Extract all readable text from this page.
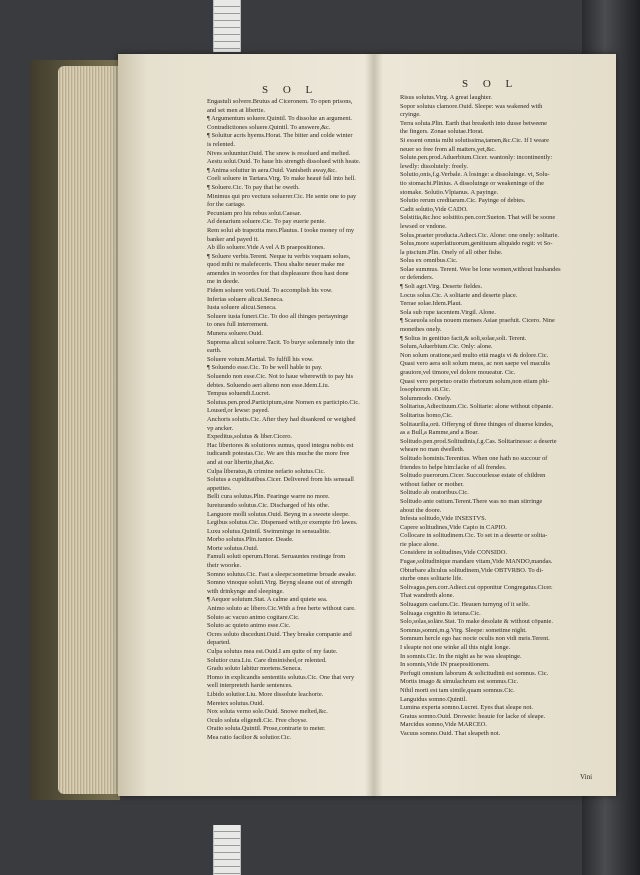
S O L	S O L
Engastuli solvere.Brutus ad Ciceronem. To open prisons,
and set men at libertie.
¶ Argumentum soluere.Quintil. To dissolue an argument.
Contradictiones soluere.Quintil. To answere,&c.
¶ Soluitur acris hyems.Horat. The bitter and colde winter
is relented.
Nives soluuntur.Ouid. The snow is resolued and melted.
Aestu solui.Ouid. To haue his strength dissolued with heate.
¶ Anima soluitur in aera.Ouid. Vanisheth away,&c.
Coeli soluere in Tartara.Virg. To make heauē fall into hell.
¶ Soluere.Cic. To pay that he oweth.
Minimus qui pro vectura soluerer.Cic. He sente one to pay
for the cariage.
Pecuniam pro his rebus solui.Caesar.
Ad denarium soluere.Cic. To pay euerie penie.
Rem solui ab trapezita meo.Plautus. I tooke money of my
banker and payed it.
Ab illo soluere.Vide A vel A B praepositiones.
¶ Soluere verbis.Terent. Neque tu verbis vsquam solues,
quod mihi re malefeceris. Thou shalte neuer make me
amendes in woordes for that displeasure thou hast done
me in deede.
Fidem soluere voti.Ouid. To accomplish his vow.
Inferias soluere alicui.Seneca.
Iusta soluere alicui.Seneca.
Soluere iusta funeri.Cic. To doo all thinges pertayninge
to ones full interrement.
Munera soluere.Ouid.
Suprema alicui soluere.Tacit. To burye solemnely into the
earth.
Soluere votum.Martial. To fulfill his vow.
¶ Soluendo esse.Cic. To be well hable to pay.
Soluendo non esse.Cic. Not to haue wherewith to pay his
debtes. Soluendo aeri alieno non esse.Idem.Liu.
Tempus soluendi.Lucret.
Solutus.pen.prod.Participium,sine Nomen ex participio.Cic.
Loused,or lewse: payed.
Anchoris solutis.Cic. After they had disankred or weighed
vp ancker.
Expeditus,solutus & liber.Cicero.
Hac liberiores & solutiores sumus, quod integra nobis est
iudicandi potestas.Cic. We are this muche the more free
and at our libertie,that,&c.
Culpa liberatus,& crimine nefario solutus.Cic.
Solutus a cupiditatibus.Cicer. Delivered from his sensuall
appetites.
Belli cura solutus.Plin. Fearinge warre no more.
Iureiurando solutus.Cic. Discharged of his othe.
Languore molli solutus.Ouid. Beyng in a sweete sleepe.
Legibus solutus.Cic. Dispensed with,or exempte frō lawes.
Luxu solutus.Quintil. Swimminge in sensualitie.
Morbo solutus.Plin.iunior. Deade.
Morte solutus.Ouid.
Famuli soluti operum.Horat. Seruauntes restinge from
their woorke.
Somno solutus.Cic. Fast a sleepe:sometime broade awake.
Somno vinoque soluti.Virg. Beyng sleane out of strength
with drinkynge and sleepinge.
¶ Aequor solutum.Stat. A calme and quiete sea.
Animo soluto ac libero.Cic.With a free herte without care.
Soluto ac vacuo animo cogitare.Cic.
Soluto ac quieto animo esse.Cic.
Ocres soluto discedunt.Ouid. They breake companie and
departed.
Culpa solutus mea est.Ouid.I am quite of my faute.
Solutior cura.Liu. Care diminished,or relented.
Gradu soluto labitur mortens.Seneca.
Homo in explicandis sententiis solutus.Cic. One that very
well interpreteth harde sentences.
Libido solutior.Liu. More dissolute leachorie.
Meretex solutus.Ouid.
Nox soluta verno sole.Ouid. Snowe melted,&c.
Oculo soluta eligendi.Cic. Free choyse.
Oratio soluta.Quintil. Prose,contrarie to meter.
Mea ratio facilior & solutior.Cic.
Risus solutus.Virg. A great laughter.
Sopor solutus clamore.Ouid. Sleepe: was wakened with
cryinge.
Terra soluta.Plin. Earth that breaketh into dusse betweene
the fingers. Zonae solutae.Horat.
Si essent omnia mihi solutissima,tamen,&c.Cic. If I weare
neuer so free from all matters,yet,&c.
Solute.pen.prod.Aduerbium.Cicer. wantonly: incontinently:
lewdly: dissolutely: freely.
Solutio,onis,f.g.Verbale. A losinge: a dissoluinge. vt, Solu-
tio stomachi.Plinius. A dissoluinge or weakeninge of the
stomake. Solutio.Vlpianus. A payinge.
Solutio rerum creditarum.Cic. Payinge of debtes.
Cadit solutio,Vide CADO.
Solstitia,&c.hoc solstitio.pen.corr.Sueton. That will be soone
lewsed or vndone.
Solus,praeter producta.Adiect.Cic. Alone: one onely: solitarie.
Solus,more superlatiuorum,genitiuum aliquādo regit: vt So-
la piscium.Plin. Onely of all other fishe.
Solus ex omnibus.Cic.
Solae summus. Terent. Wee be lone women,without husbandes
or defenders.
¶ Soli agri.Virg. Deserte fieldes.
Locus solus.Cic. A solitarie and deserte place.
Terrae solae.Idem.Plaut.
Sola sub rupe iacentem.Virgil. Alone.
¶ Scaeuola solus nouem menses Asiae praefuit. Cicero. Nine
monethes onely.
¶ Solius in genitiuo facit,& soli,solae,soli. Terent.
Solum,Aduerbium.Cic. Only: alone.
Non solum oratione,sed multo etiā magis vi & dolore.Cic.
Quasi vero aera soli solum meus, ac non saepe vel maculis
grauiore,vel timore,vel dolore moueatur. Cic.
Quasi vero perpetuo oratio rhetorum solum,non etiam phi-
losophorum sit.Cic.
Solummodo. Onely.
Solitarius,Adiectiuum.Cic. Solitarie: alone without cōpanie.
Solitarius homo,Cic.
Solitaurilia,orū. Offeryng of three thinges of diuerse kindes,
as a Bull,a Ramme,and a Boar.
Solitudo.pen.prod.Solitudinis,f.g.Cas. Solitarinesse: a deserte
wheare no man dwelleth.
Solitudo hominis.Terentius. When one hath no succour of
friendes to helpe him:lacke of all frendes.
Solitudo puerorum.Cicer. Succourlesse estate of children
without father or mother.
Solitudo ab oratoribus.Cic.
Solitudo ante ostium.Terent.There was no man stirringe
about the doore.
Infesta solitudo,Vide INSESTVS.
Capere solitudines,Vide Capio in CAPIO.
Collocare in solitudinem.Cic. To set in a deserte or solita-
rie place alone.
Considere in solitudines,Vide CONSIDO.
Fugae,solitudinique mandare vitam,Vide MANDO,mandas.
Obturbare aliculus solitudinem,Vide OBTVRBO. To di-
sturbe ones solitarie life.
Solivagus,pen.corr.Adiect.cui opponitur Congregatus.Cicer.
That wandreth alone.
Soliuagum caelum.Cic. Heauen turnyng of it selfe.
Soliuaga cognitio & ieiuna.Cic.
Solo,solas,solāre.Stat. To make desolate & without cōpanie.
Somnus,somni,m.g.Virg. Sleepe: sometime night.
Somnum hercle ego hac nocte oculis non vidi meis.Terent.
I sleapte not one winke all this night longe.
In somnis.Cic. In the night as he was sleapinge.
In somnis,Vide IN praepositionem.
Perfugii omnium laborum & solicitudinū est somnus. Cic.
Mortis imago & simulachrum est somnus.Cic.
Nihil morti est tam simile,quam somnus.Cic.
Languidus somno.Quintil.
Lumina experta somno.Lucret. Eyes that sleape not.
Gratus somno.Ouid. Drowsie: heauie for lacke of sleape.
Marcidus somno,Vide MARCEO.
Vacuus somno.Ouid. That sleapeth not.
Vini
